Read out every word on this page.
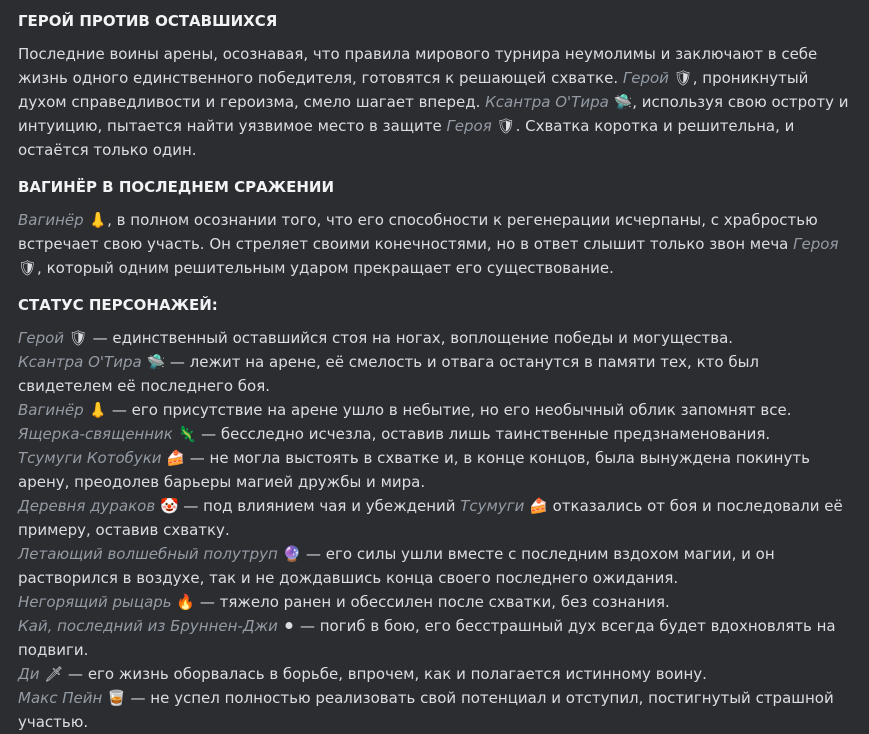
ГЕРОЙ ПРОТИВ ОСТАВШИХСЯ
Последние воины арены, осознавая, что правила мирового турнира неумолимы и заключают в себе жизнь одного единственного победителя, готовятся к решающей схватке. Герой 🛡, проникнутый духом справедливости и героизма, смело шагает вперед. Ксантра О'Тира 🛸, используя свою остроту и интуицию, пытается найти уязвимое место в защите Героя 🛡. Схватка коротка и решительна, и остаётся только один.
ВАГИНЁР В ПОСЛЕДНЕМ СРАЖЕНИИ
Вагинёр 👃, в полном осознании того, что его способности к регенерации исчерпаны, с храбростью встречает свою участь. Он стреляет своими конечностями, но в ответ слышит только звон меча Героя 🛡, который одним решительным ударом прекращает его существование.
СТАТУС ПЕРСОНАЖЕЙ:
Герой 🛡 — единственный оставшийся стоя на ногах, воплощение победы и могущества.
Ксантра О'Тира 🛸 — лежит на арене, её смелость и отвага останутся в памяти тех, кто был свидетелем её последнего боя.
Вагинёр 👃 — его присутствие на арене ушло в небытие, но его необычный облик запомнят все.
Ящерка-священник 🦎 — бесследно исчезла, оставив лишь таинственные предзнаменования.
Тсумуги Котобуки 🍰 — не могла выстоять в схватке и, в конце концов, была вынуждена покинуть арену, преодолев барьеры магией дружбы и мира.
Деревня дураков 🤡 — под влиянием чая и убеждений Тсумуги 🍰 отказались от боя и последовали её примеру, оставив схватку.
Летающий волшебный полутруп 🔮 — его силы ушли вместе с последним вздохом магии, и он растворился в воздухе, так и не дождавшись конца своего последнего ожидания.
Негорящий рыцарь 🔥 — тяжело ранен и обессилен после схватки, без сознания.
Кай, последний из Бруннен-Джи ⚫ — погиб в бою, его бесстрашный дух всегда будет вдохновлять на подвиги.
Ди 🗡 — его жизнь оборвалась в борьбе, впрочем, как и полагается истинному воину.
Макс Пейн 🥃 — не успел полностью реализовать свой потенциал и отступил, постигнутый страшной участью.
